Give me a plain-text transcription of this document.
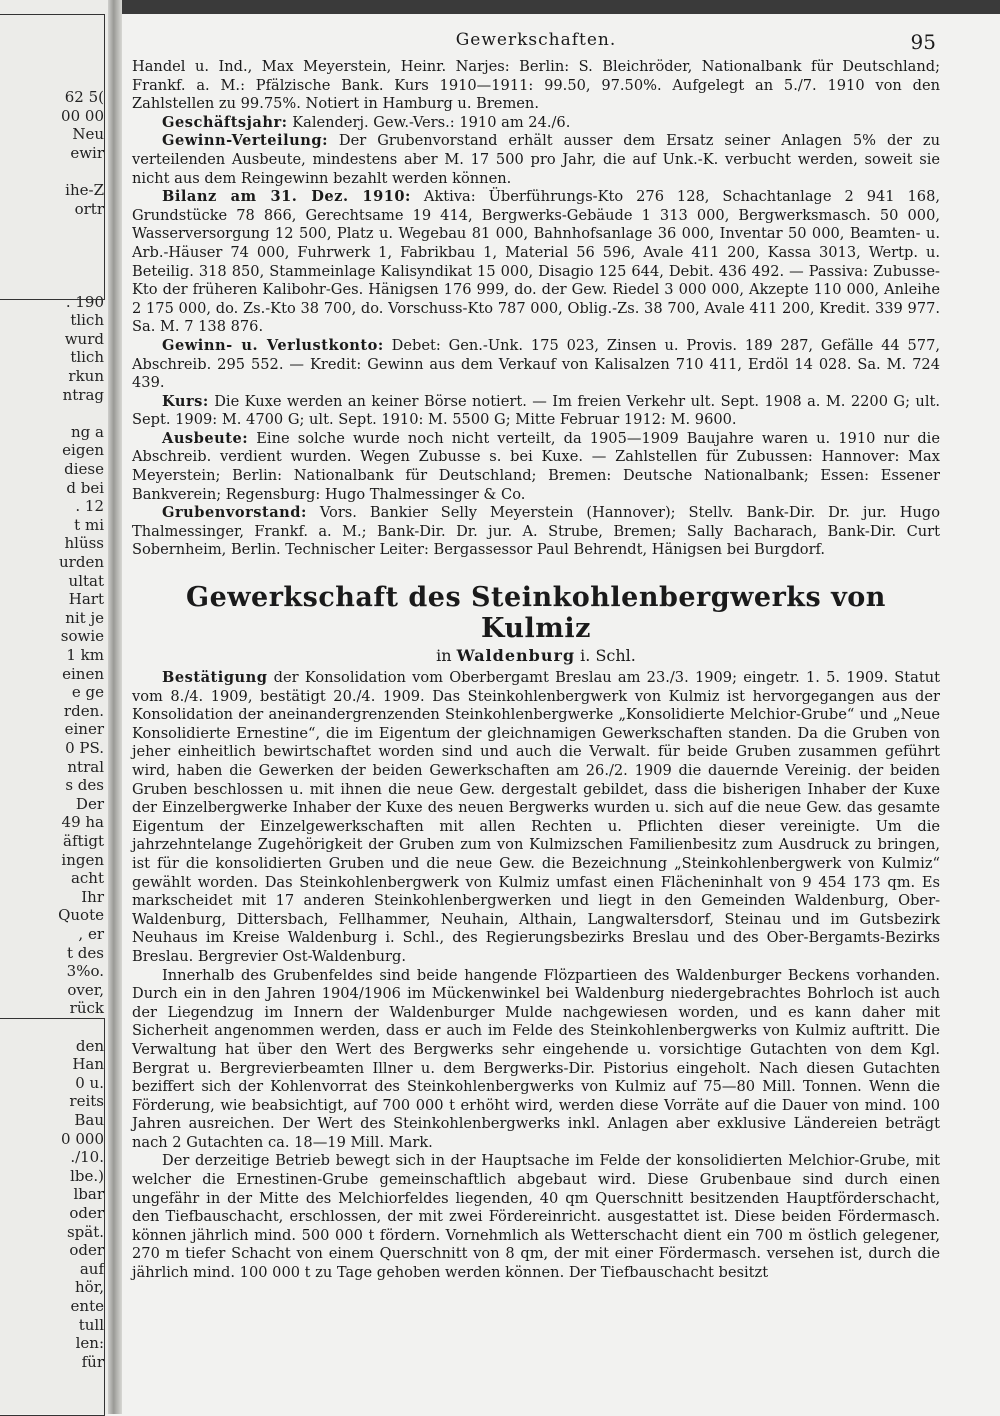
62 5(
00 00
Neu
ewir
ihe-Z
ortr
. 190
tlich
wurd
tlich
rkun
ntrag
ng a
eigen
diese
d bei
. 12
t mi
hlüss
urden
ultat
Hart
nit je
sowie
1 km
einen
e ge
rden.
einer
0 PS.
ntral
s des
Der
49 ha
äftigt
ingen
acht
Ihr
Quote
, er
t des
3%o.
over,
rück
den
Han
0 u.
reits
Bau
0 000
./10.
lbe.)
lbar
oder
spät.
oder
auf
hör,
ente
tull
len:
für
Gewerkschaften.	95

Handel u. Ind., Max Meyerstein, Heinr. Narjes: Berlin: S. Bleichröder, Nationalbank für Deutschland; Frankf. a. M.: Pfälzische Bank. Kurs 1910—1911: 99.50, 97.50%. Aufgelegt an 5./7. 1910 von den Zahlstellen zu 99.75%. Notiert in Hamburg u. Bremen.

Geschäftsjahr: Kalenderj. Gew.-Vers.: 1910 am 24./6.

Gewinn-Verteilung: Der Grubenvorstand erhält ausser dem Ersatz seiner Anlagen 5% der zu verteilenden Ausbeute, mindestens aber M. 17 500 pro Jahr, die auf Unk.-K. verbucht werden, soweit sie nicht aus dem Reingewinn bezahlt werden können.

Bilanz am 31. Dez. 1910: Aktiva: Überführungs-Kto 276 128, Schachtanlage 2 941 168, Grundstücke 78 866, Gerechtsame 19 414, Bergwerks-Gebäude 1 313 000, Bergwerksmasch. 50 000, Wasserversorgung 12 500, Platz u. Wegebau 81 000, Bahnhofsanlage 36 000, Inventar 50 000, Beamten- u. Arb.-Häuser 74 000, Fuhrwerk 1, Fabrikbau 1, Material 56 596, Avale 411 200, Kassa 3013, Wertp. u. Beteilig. 318 850, Stammeinlage Kalisyndikat 15 000, Disagio 125 644, Debit. 436 492. — Passiva: Zubusse-Kto der früheren Kalibohr-Ges. Hänigsen 176 999, do. der Gew. Riedel 3 000 000, Akzepte 110 000, Anleihe 2 175 000, do. Zs.-Kto 38 700, do. Vorschuss-Kto 787 000, Oblig.-Zs. 38 700, Avale 411 200, Kredit. 339 977. Sa. M. 7 138 876.

Gewinn- u. Verlustkonto: Debet: Gen.-Unk. 175 023, Zinsen u. Provis. 189 287, Gefälle 44 577, Abschreib. 295 552. — Kredit: Gewinn aus dem Verkauf von Kalisalzen 710 411, Erdöl 14 028. Sa. M. 724 439.

Kurs: Die Kuxe werden an keiner Börse notiert. — Im freien Verkehr ult. Sept. 1908 a. M. 2200 G; ult. Sept. 1909: M. 4700 G; ult. Sept. 1910: M. 5500 G; Mitte Februar 1912: M. 9600.

Ausbeute: Eine solche wurde noch nicht verteilt, da 1905—1909 Baujahre waren u. 1910 nur die Abschreib. verdient wurden. Wegen Zubusse s. bei Kuxe. — Zahlstellen für Zubussen: Hannover: Max Meyerstein; Berlin: Nationalbank für Deutschland; Bremen: Deutsche Nationalbank; Essen: Essener Bankverein; Regensburg: Hugo Thalmessinger & Co.

Grubenvorstand: Vors. Bankier Selly Meyerstein (Hannover); Stellv. Bank-Dir. Dr. jur. Hugo Thalmessinger, Frankf. a. M.; Bank-Dir. Dr. jur. A. Strube, Bremen; Sally Bacharach, Bank-Dir. Curt Sobernheim, Berlin. Technischer Leiter: Bergassessor Paul Behrendt, Hänigsen bei Burgdorf.

Gewerkschaft des Steinkohlenbergwerks von Kulmiz
in Waldenburg i. Schl.

Bestätigung der Konsolidation vom Oberbergamt Breslau am 23./3. 1909; eingetr. 1. 5. 1909. Statut vom 8./4. 1909, bestätigt 20./4. 1909. Das Steinkohlenbergwerk von Kulmiz ist hervorgegangen aus der Konsolidation der aneinandergrenzenden Steinkohlenbergwerke „Konsolidierte Melchior-Grube“ und „Neue Konsolidierte Ernestine“, die im Eigentum der gleichnamigen Gewerkschaften standen. Da die Gruben von jeher einheitlich bewirtschaftet worden sind und auch die Verwalt. für beide Gruben zusammen geführt wird, haben die Gewerken der beiden Gewerkschaften am 26./2. 1909 die dauernde Vereinig. der beiden Gruben beschlossen u. mit ihnen die neue Gew. dergestalt gebildet, dass die bisherigen Inhaber der Kuxe der Einzelbergwerke Inhaber der Kuxe des neuen Bergwerks wurden u. sich auf die neue Gew. das gesamte Eigentum der Einzelgewerkschaften mit allen Rechten u. Pflichten dieser vereinigte. Um die jahrzehntelange Zugehörigkeit der Gruben zum von Kulmizschen Familienbesitz zum Ausdruck zu bringen, ist für die konsolidierten Gruben und die neue Gew. die Bezeichnung „Steinkohlenbergwerk von Kulmiz“ gewählt worden. Das Steinkohlenbergwerk von Kulmiz umfast einen Flächeninhalt von 9 454 173 qm. Es markscheidet mit 17 anderen Steinkohlenbergwerken und liegt in den Gemeinden Waldenburg, Ober-Waldenburg, Dittersbach, Fellhammer, Neuhain, Althain, Langwaltersdorf, Steinau und im Gutsbezirk Neuhaus im Kreise Waldenburg i. Schl., des Regierungsbezirks Breslau und des Ober-Bergamts-Bezirks Breslau. Bergrevier Ost-Waldenburg.

Innerhalb des Grubenfeldes sind beide hangende Flözpartieen des Waldenburger Beckens vorhanden. Durch ein in den Jahren 1904/1906 im Mückenwinkel bei Waldenburg niedergebrachtes Bohrloch ist auch der Liegendzug im Innern der Waldenburger Mulde nachgewiesen worden, und es kann daher mit Sicherheit angenommen werden, dass er auch im Felde des Steinkohlenbergwerks von Kulmiz auftritt. Die Verwaltung hat über den Wert des Bergwerks sehr eingehende u. vorsichtige Gutachten von dem Kgl. Bergrat u. Bergrevierbeamten Illner u. dem Bergwerks-Dir. Pistorius eingeholt. Nach diesen Gutachten beziffert sich der Kohlenvorrat des Steinkohlenbergwerks von Kulmiz auf 75—80 Mill. Tonnen. Wenn die Förderung, wie beabsichtigt, auf 700 000 t erhöht wird, werden diese Vorräte auf die Dauer von mind. 100 Jahren ausreichen. Der Wert des Steinkohlenbergwerks inkl. Anlagen aber exklusive Ländereien beträgt nach 2 Gutachten ca. 18—19 Mill. Mark.

Der derzeitige Betrieb bewegt sich in der Hauptsache im Felde der konsolidierten Melchior-Grube, mit welcher die Ernestinen-Grube gemeinschaftlich abgebaut wird. Diese Grubenbaue sind durch einen ungefähr in der Mitte des Melchiorfeldes liegenden, 40 qm Querschnitt besitzenden Hauptförderschacht, den Tiefbauschacht, erschlossen, der mit zwei Fördereinricht. ausgestattet ist. Diese beiden Fördermasch. können jährlich mind. 500 000 t fördern. Vornehmlich als Wetterschacht dient ein 700 m östlich gelegener, 270 m tiefer Schacht von einem Querschnitt von 8 qm, der mit einer Fördermasch. versehen ist, durch die jährlich mind. 100 000 t zu Tage gehoben werden können. Der Tiefbauschacht besitzt
